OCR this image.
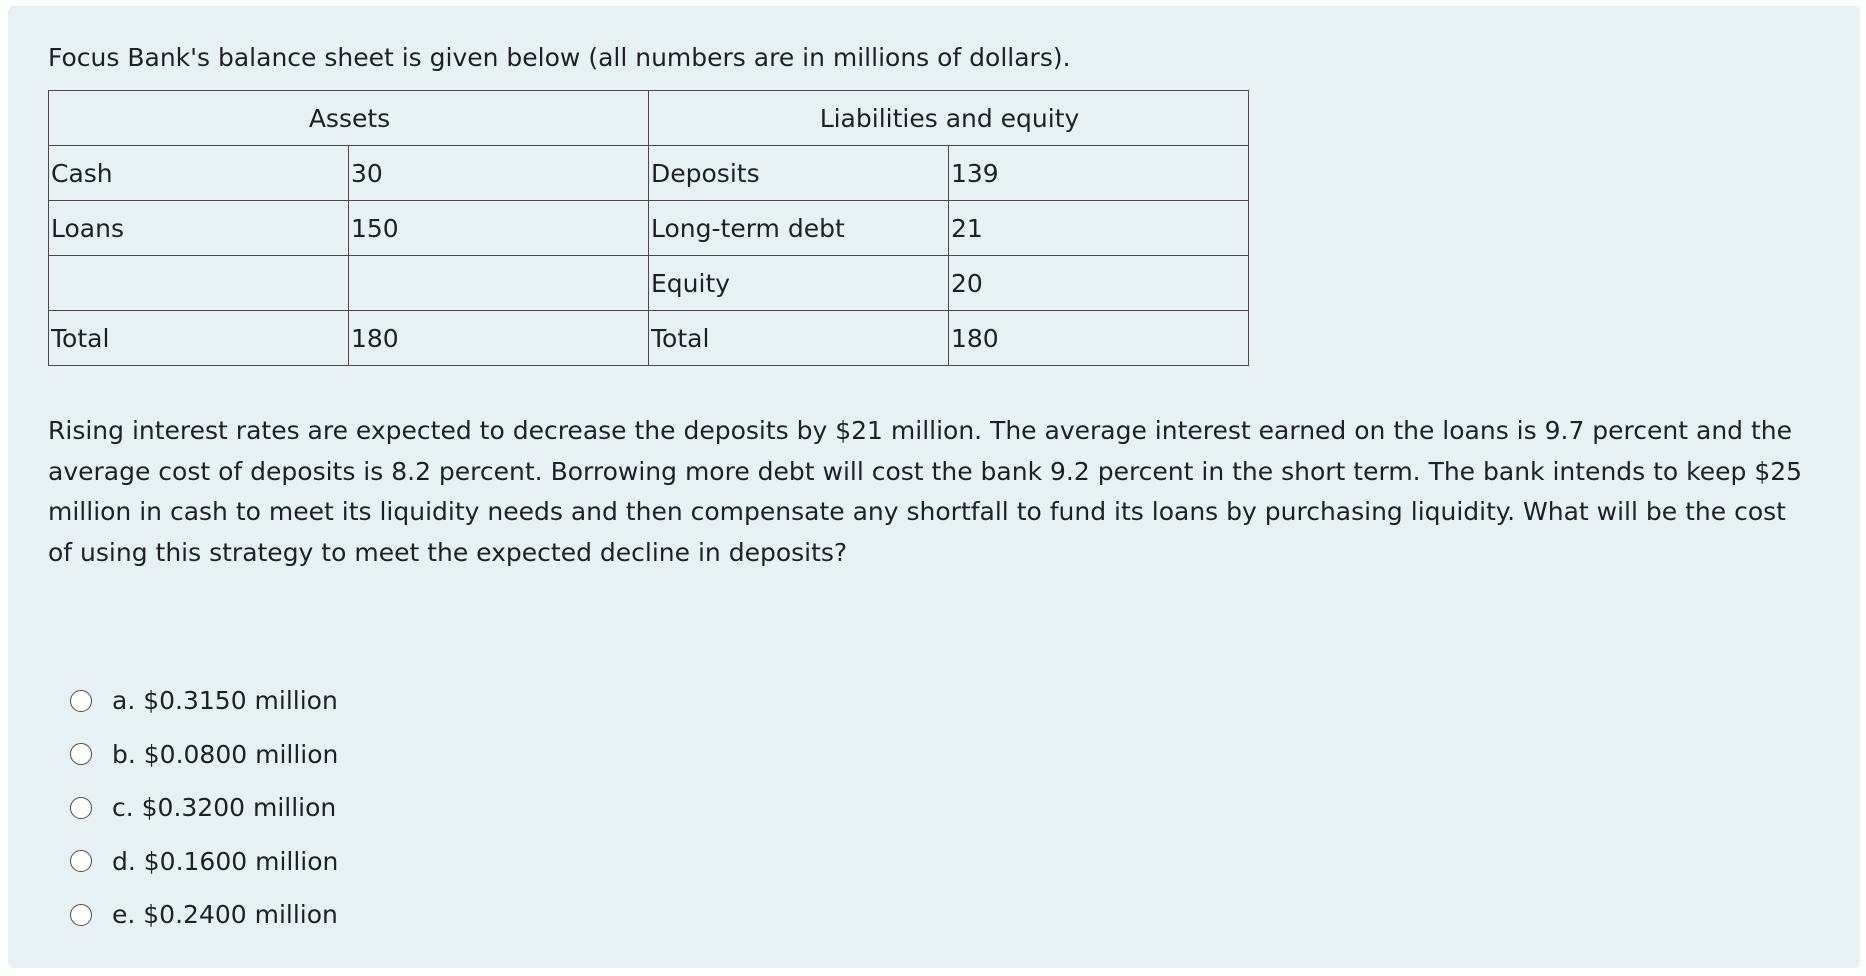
Focus Bank's balance sheet is given below (all numbers are in millions of dollars).

Assets		Liabilities and equity	
Cash	30	Deposits	139
Loans	150	Long-term debt	21
		Equity	20
Total	180	Total	180

Rising interest rates are expected to decrease the deposits by $21 million. The average interest earned on the loans is 9.7 percent and the average cost of deposits is 8.2 percent. Borrowing more debt will cost the bank 9.2 percent in the short term. The bank intends to keep $25 million in cash to meet its liquidity needs and then compensate any shortfall to fund its loans by purchasing liquidity. What will be the cost of using this strategy to meet the expected decline in deposits?

a. $0.3150 million
b. $0.0800 million
c. $0.3200 million
d. $0.1600 million
e. $0.2400 million
